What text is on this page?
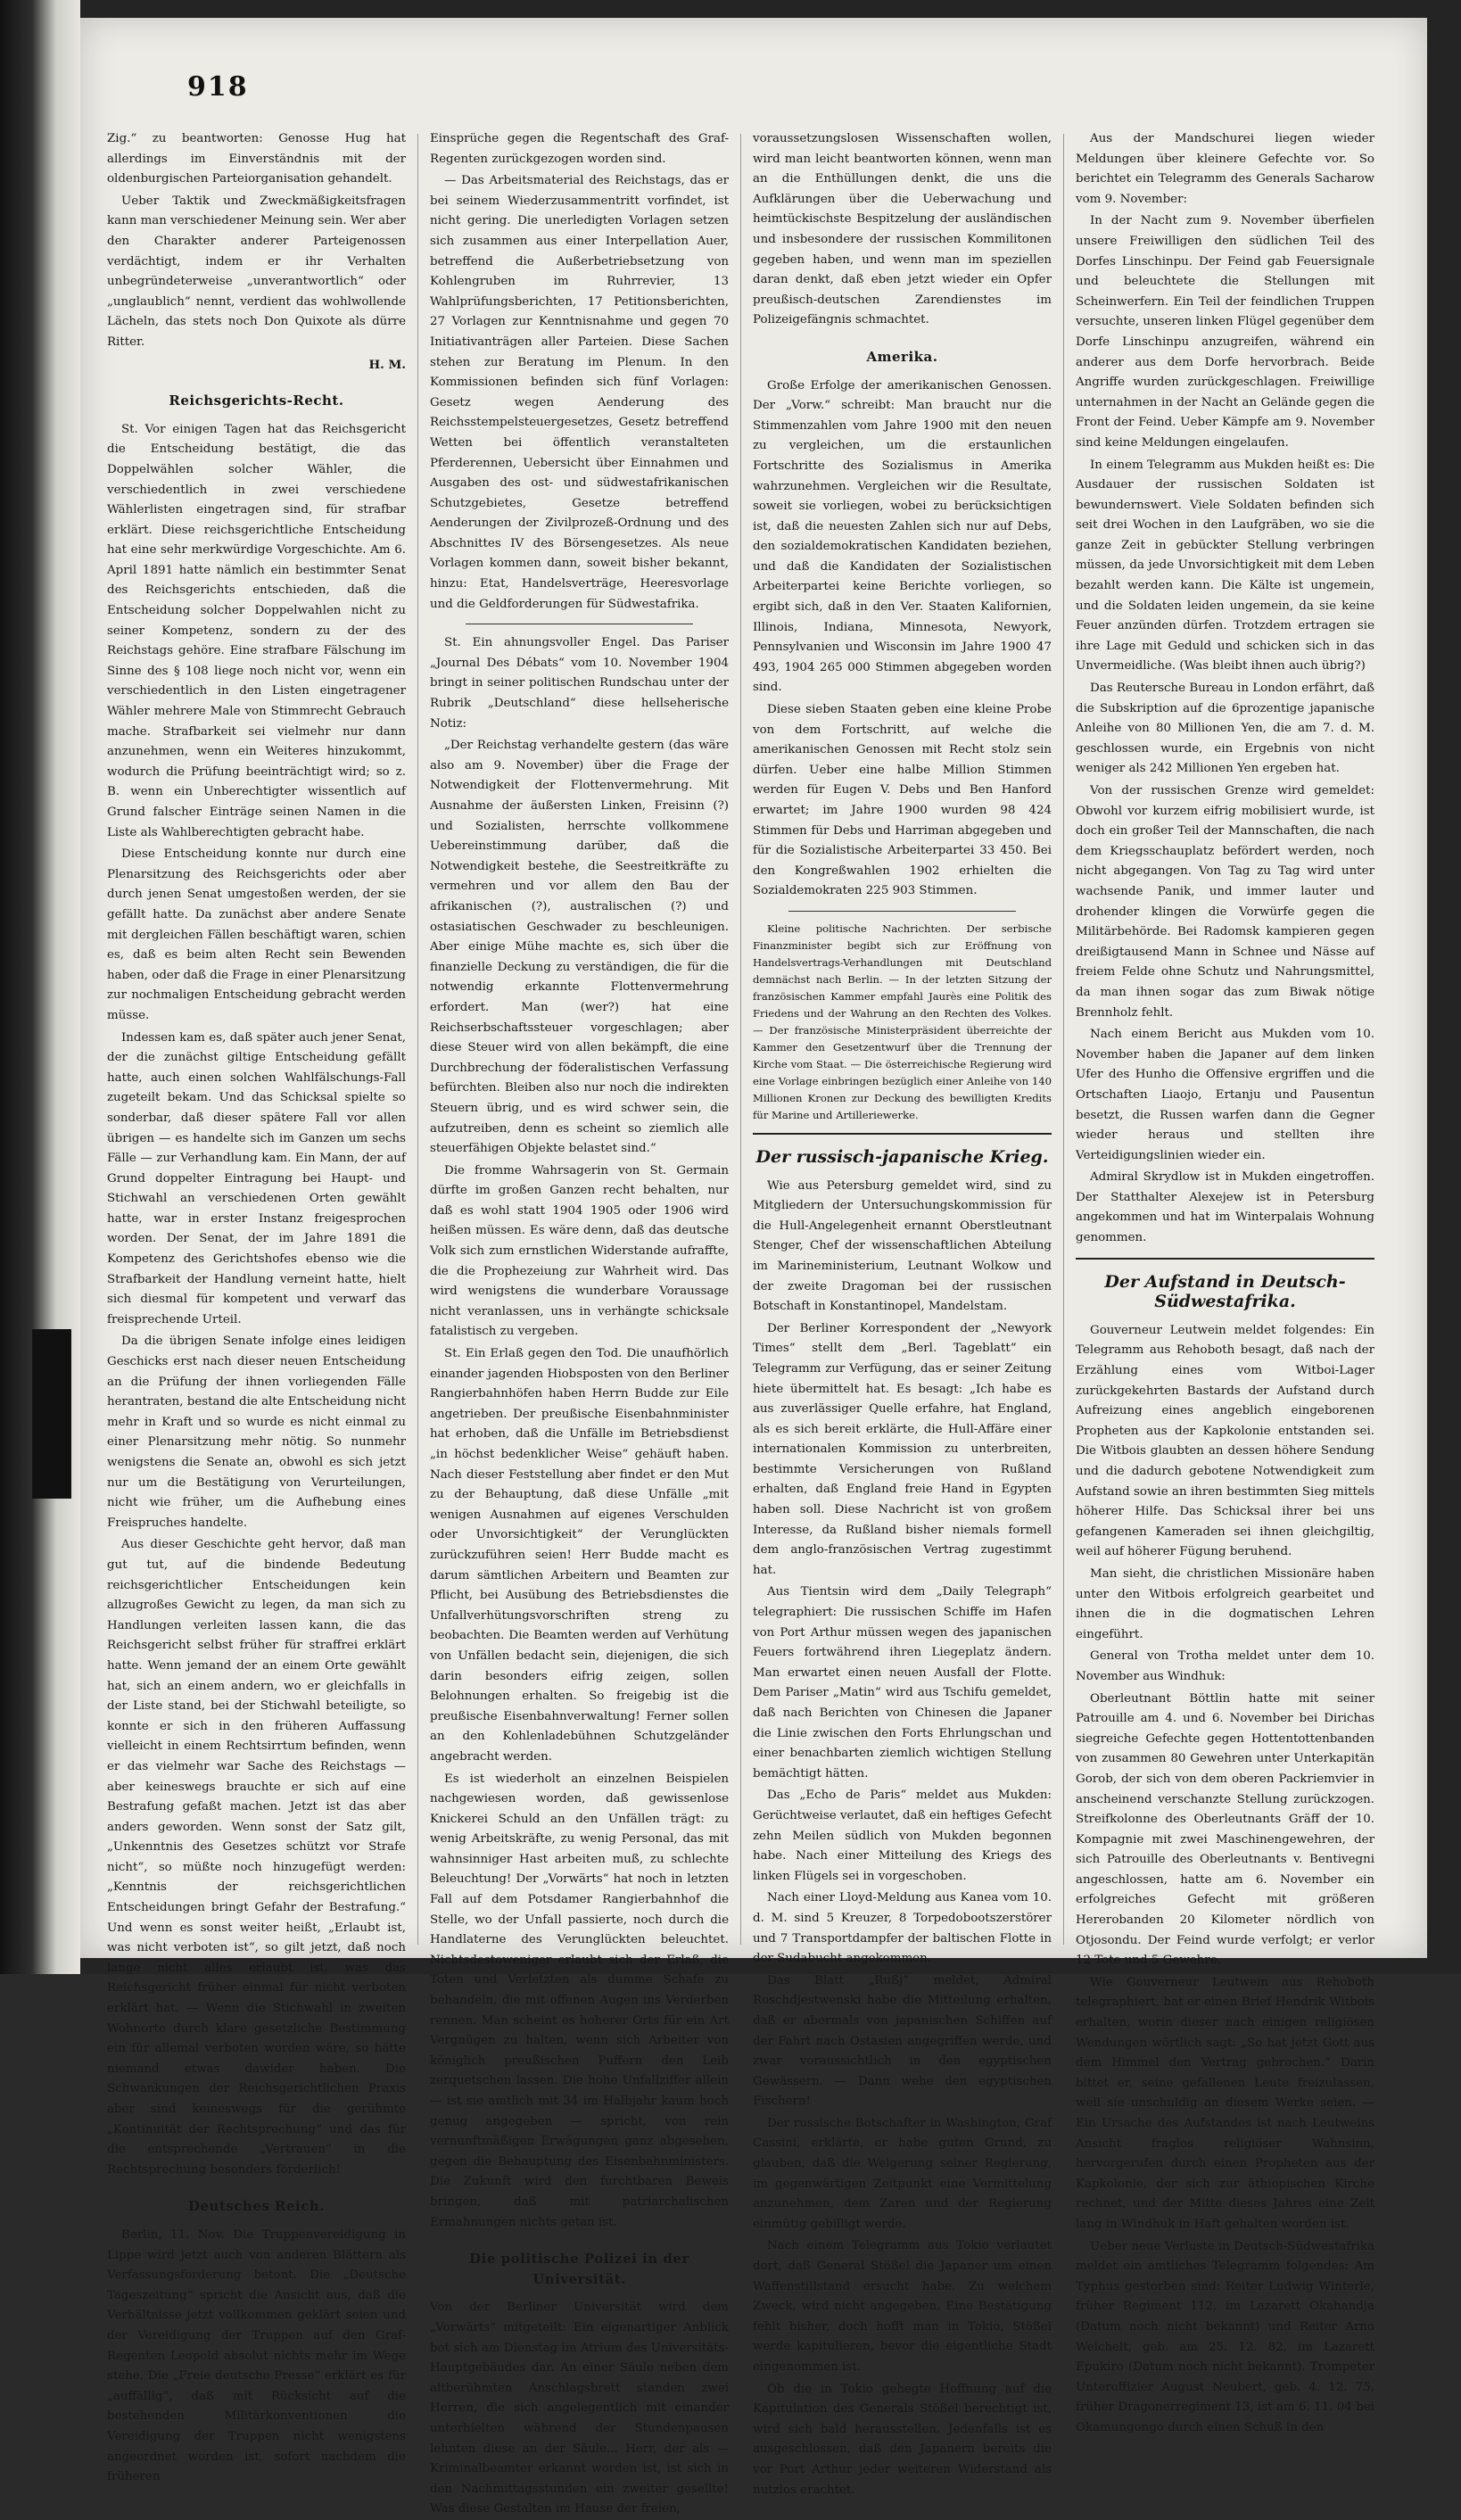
918

Zig.“ zu beantworten: Genosse Hug hat allerdings im Einverständnis mit der oldenburgischen Parteiorganisation gehandelt.

Ueber Taktik und Zweckmäßigkeitsfragen kann man verschiedener Meinung sein. Wer aber den Charakter anderer Parteigenossen verdächtigt, indem er ihr Verhalten unbegründeterweise „unverantwortlich“ oder „unglaublich“ nennt, verdient das wohlwollende Lächeln, das stets noch Don Quixote als dürre Ritter.

H. M.

Reichsgerichts-Recht.

St. Vor einigen Tagen hat das Reichsgericht die Entscheidung bestätigt, die das Doppelwählen solcher Wähler, die verschiedentlich in zwei verschiedene Wählerlisten eingetragen sind, für strafbar erklärt. Diese reichsgerichtliche Entscheidung hat eine sehr merkwürdige Vorgeschichte. Am 6. April 1891 hatte nämlich ein bestimmter Senat des Reichsgerichts entschieden, daß die Entscheidung solcher Doppelwahlen nicht zu seiner Kompetenz, sondern zu der des Reichstags gehöre. Eine strafbare Fälschung im Sinne des § 108 liege noch nicht vor, wenn ein verschiedentlich in den Listen eingetragener Wähler mehrere Male von Stimmrecht Gebrauch mache. Strafbarkeit sei vielmehr nur dann anzunehmen, wenn ein Weiteres hinzukommt, wodurch die Prüfung beeinträchtigt wird; so z. B. wenn ein Unberechtigter wissentlich auf Grund falscher Einträge seinen Namen in die Liste als Wahlberechtigten gebracht habe.

Diese Entscheidung konnte nur durch eine Plenarsitzung des Reichsgerichts oder aber durch jenen Senat umgestoßen werden, der sie gefällt hatte. Da zunächst aber andere Senate mit dergleichen Fällen beschäftigt waren, schien es, daß es beim alten Recht sein Bewenden haben, oder daß die Frage in einer Plenarsitzung zur nochmaligen Entscheidung gebracht werden müsse.

Indessen kam es, daß später auch jener Senat, der die zunächst giltige Entscheidung gefällt hatte, auch einen solchen Wahlfälschungs-Fall zugeteilt bekam. Und das Schicksal spielte so sonderbar, daß dieser spätere Fall vor allen übrigen — es handelte sich im Ganzen um sechs Fälle — zur Verhandlung kam. Ein Mann, der auf Grund doppelter Eintragung bei Haupt- und Stichwahl an verschiedenen Orten gewählt hatte, war in erster Instanz freigesprochen worden. Der Senat, der im Jahre 1891 die Kompetenz des Gerichtshofes ebenso wie die Strafbarkeit der Handlung verneint hatte, hielt sich diesmal für kompetent und verwarf das freisprechende Urteil.

Da die übrigen Senate infolge eines leidigen Geschicks erst nach dieser neuen Entscheidung an die Prüfung der ihnen vorliegenden Fälle herantraten, bestand die alte Entscheidung nicht mehr in Kraft und so wurde es nicht einmal zu einer Plenarsitzung mehr nötig. So nunmehr wenigstens die Senate an, obwohl es sich jetzt nur um die Bestätigung von Verurteilungen, nicht wie früher, um die Aufhebung eines Freispruches handelte.

Aus dieser Geschichte geht hervor, daß man gut tut, auf die bindende Bedeutung reichsgerichtlicher Entscheidungen kein allzugroßes Gewicht zu legen, da man sich zu Handlungen verleiten lassen kann, die das Reichsgericht selbst früher für straffrei erklärt hatte. Wenn jemand der an einem Orte gewählt hat, sich an einem andern, wo er gleichfalls in der Liste stand, bei der Stichwahl beteiligte, so konnte er sich in den früheren Auffassung vielleicht in einem Rechtsirrtum befinden, wenn er das vielmehr war Sache des Reichstags — aber keineswegs brauchte er sich auf eine Bestrafung gefaßt machen. Jetzt ist das aber anders geworden. Wenn sonst der Satz gilt, „Unkenntnis des Gesetzes schützt vor Strafe nicht“, so müßte noch hinzugefügt werden: „Kenntnis der reichsgerichtlichen Entscheidungen bringt Gefahr der Bestrafung.“ Und wenn es sonst weiter heißt, „Erlaubt ist, was nicht verboten ist“, so gilt jetzt, daß noch lange nicht alles erlaubt ist, was das Reichsgericht früher einmal für nicht verboten erklärt hat. — Wenn die Stichwahl in zweiten Wohnorte durch klare gesetzliche Bestimmung ein für allemal verboten worden wäre, so hätte niemand etwas dawider haben. Die Schwankungen der Reichsgerichtlichen Praxis aber sind keineswegs für die gerühmte „Kontinuität der Rechtsprechung“ und das für die entsprechende „Vertrauen“ in die Rechtsprechung besonders förderlich!

Deutsches Reich.

Berlin, 11. Nov. Die Truppenvereidigung in Lippe wird jetzt auch von anderen Blättern als Verfassungsforderung betont. Die „Deutsche Tageszeitung“ spricht die Ansicht aus, daß die Verhältnisse jetzt vollkommen geklärt seien und der Vereidigung der Truppen auf den Graf-Regenten Leopold absolut nichts mehr im Wege stehe. Die „Freie deutsche Presse“ erklärt es für „auffällig“, daß mit Rücksicht auf die bestehenden Militärkonventionen die Vereidigung der Truppen nicht wenigstens angeordnet worden ist, sofort nachdem die früheren

Einsprüche gegen die Regentschaft des Graf-Regenten zurückgezogen worden sind.

— Das Arbeitsmaterial des Reichstags, das er bei seinem Wiederzusammentritt vorfindet, ist nicht gering. Die unerledigten Vorlagen setzen sich zusammen aus einer Interpellation Auer, betreffend die Außerbetriebsetzung von Kohlengruben im Ruhrrevier, 13 Wahlprüfungsberichten, 17 Petitionsberichten, 27 Vorlagen zur Kenntnisnahme und gegen 70 Initiativanträgen aller Parteien. Diese Sachen stehen zur Beratung im Plenum. In den Kommissionen befinden sich fünf Vorlagen: Gesetz wegen Aenderung des Reichsstempelsteuergesetzes, Gesetz betreffend Wetten bei öffentlich veranstalteten Pferderennen, Uebersicht über Einnahmen und Ausgaben des ost- und südwestafrikanischen Schutzgebietes, Gesetze betreffend Aenderungen der Zivilprozeß-Ordnung und des Abschnittes IV des Börsengesetzes. Als neue Vorlagen kommen dann, soweit bisher bekannt, hinzu: Etat, Handelsverträge, Heeresvorlage und die Geldforderungen für Südwestafrika.

St. Ein ahnungsvoller Engel. Das Pariser „Journal Des Débats“ vom 10. November 1904 bringt in seiner politischen Rundschau unter der Rubrik „Deutschland“ diese hellseherische Notiz:

„Der Reichstag verhandelte gestern (das wäre also am 9. November) über die Frage der Notwendigkeit der Flottenvermehrung. Mit Ausnahme der äußersten Linken, Freisinn (?) und Sozialisten, herrschte vollkommene Uebereinstimmung darüber, daß die Notwendigkeit bestehe, die Seestreitkräfte zu vermehren und vor allem den Bau der afrikanischen (?), australischen (?) und ostasiatischen Geschwader zu beschleunigen. Aber einige Mühe machte es, sich über die finanzielle Deckung zu verständigen, die für die notwendig erkannte Flottenvermehrung erfordert. Man (wer?) hat eine Reichserbschaftssteuer vorgeschlagen; aber diese Steuer wird von allen bekämpft, die eine Durchbrechung der föderalistischen Verfassung befürchten. Bleiben also nur noch die indirekten Steuern übrig, und es wird schwer sein, die aufzutreiben, denn es scheint so ziemlich alle steuerfähigen Objekte belastet sind.“

Die fromme Wahrsagerin von St. Germain dürfte im großen Ganzen recht behalten, nur daß es wohl statt 1904 1905 oder 1906 wird heißen müssen. Es wäre denn, daß das deutsche Volk sich zum ernstlichen Widerstande aufraffte, die die Prophezeiung zur Wahrheit wird. Das wird wenigstens die wunderbare Voraussage nicht veranlassen, uns in verhängte schicksale fatalistisch zu vergeben.

St. Ein Erlaß gegen den Tod. Die unaufhörlich einander jagenden Hiobsposten von den Berliner Rangierbahnhöfen haben Herrn Budde zur Eile angetrieben. Der preußische Eisenbahnminister hat erhoben, daß die Unfälle im Betriebsdienst „in höchst bedenklicher Weise“ gehäuft haben. Nach dieser Feststellung aber findet er den Mut zu der Behauptung, daß diese Unfälle „mit wenigen Ausnahmen auf eigenes Verschulden oder Unvorsichtigkeit“ der Verunglückten zurückzuführen seien! Herr Budde macht es darum sämtlichen Arbeitern und Beamten zur Pflicht, bei Ausübung des Betriebsdienstes die Unfallverhütungsvorschriften streng zu beobachten. Die Beamten werden auf Verhütung von Unfällen bedacht sein, diejenigen, die sich darin besonders eifrig zeigen, sollen Belohnungen erhalten. So freigebig ist die preußische Eisenbahnverwaltung! Ferner sollen an den Kohlenladebühnen Schutzgeländer angebracht werden.

Es ist wiederholt an einzelnen Beispielen nachgewiesen worden, daß gewissenlose Knickerei Schuld an den Unfällen trägt: zu wenig Arbeitskräfte, zu wenig Personal, das mit wahnsinniger Hast arbeiten muß, zu schlechte Beleuchtung! Der „Vorwärts“ hat noch in letzten Fall auf dem Potsdamer Rangierbahnhof die Stelle, wo der Unfall passierte, noch durch die Handlaterne des Verunglückten beleuchtet. Nichtsdestoweniger erlaubt sich der Erlaß, die Toten und Verletzten als dumme Schafe zu behandeln, die mit offenen Augen ins Verderben rennen. Man scheint es hoherer Orts für ein Art Vergnügen zu halten, wenn sich Arbeiter von königlich preußischen Puffern den Leib zerquetschen lassen. Die hohe Unfallziffer allein — ist sie amtlich mit 34 im Halbjahr kaum hoch genug angegeben — spricht, von rein vernunftmäßigen Erwägungen ganz abgesehen, gegen die Behauptung des Eisenbahnministers. Die Zukunft wird den furchtbaren Beweis bringen, daß mit patriarchalischen Ermahnungen nichts getan ist.

Die politische Polizei in der Universität.

Von der Berliner Universität wird dem „Vorwärts“ mitgeteilt: Ein eigenartiger Anblick bot sich am Dienstag im Atrium des Universitäts-Hauptgebäudes dar. An einer Säule neben dem altberühmten Anschlagsbrett standen zwei Herren, die sich angelegentlich mit einander unterhielten während der Stundenpausen lehnten diese an der Säule... Herr, der als — Kriminalbeamter erkannt worden ist, ist sich in den Nachmittagsstunden ein zweiter gesellte! Was diese Gestalten im Hause der freien,

voraussetzungslosen Wissenschaften wollen, wird man leicht beantworten können, wenn man an die Enthüllungen denkt, die uns die Aufklärungen über die Ueberwachung und heimtückischste Bespitzelung der ausländischen und insbesondere der russischen Kommilitonen gegeben haben, und wenn man im speziellen daran denkt, daß eben jetzt wieder ein Opfer preußisch-deutschen Zarendienstes im Polizeigefängnis schmachtet.

Amerika.

Große Erfolge der amerikanischen Genossen. Der „Vorw.“ schreibt: Man braucht nur die Stimmenzahlen vom Jahre 1900 mit den neuen zu vergleichen, um die erstaunlichen Fortschritte des Sozialismus in Amerika wahrzunehmen. Vergleichen wir die Resultate, soweit sie vorliegen, wobei zu berücksichtigen ist, daß die neuesten Zahlen sich nur auf Debs, den sozialdemokratischen Kandidaten beziehen, und daß die Kandidaten der Sozialistischen Arbeiterpartei keine Berichte vorliegen, so ergibt sich, daß in den Ver. Staaten Kalifornien, Illinois, Indiana, Minnesota, Newyork, Pennsylvanien und Wisconsin im Jahre 1900 47 493, 1904 265 000 Stimmen abgegeben worden sind.

Diese sieben Staaten geben eine kleine Probe von dem Fortschritt, auf welche die amerikanischen Genossen mit Recht stolz sein dürfen. Ueber eine halbe Million Stimmen werden für Eugen V. Debs und Ben Hanford erwartet; im Jahre 1900 wurden 98 424 Stimmen für Debs und Harriman abgegeben und für die Sozialistische Arbeiterpartei 33 450. Bei den Kongreßwahlen 1902 erhielten die Sozialdemokraten 225 903 Stimmen.

Kleine politische Nachrichten. Der serbische Finanzminister begibt sich zur Eröffnung von Handelsvertrags-Verhandlungen mit Deutschland demnächst nach Berlin. — In der letzten Sitzung der französischen Kammer empfahl Jaurès eine Politik des Friedens und der Wahrung an den Rechten des Volkes. — Der französische Ministerpräsident überreichte der Kammer den Gesetzentwurf über die Trennung der Kirche vom Staat. — Die österreichische Regierung wird eine Vorlage einbringen bezüglich einer Anleihe von 140 Millionen Kronen zur Deckung des bewilligten Kredits für Marine und Artilleriewerke.

Der russisch-japanische Krieg.

Wie aus Petersburg gemeldet wird, sind zu Mitgliedern der Untersuchungskommission für die Hull-Angelegenheit ernannt Oberstleutnant Stenger, Chef der wissenschaftlichen Abteilung im Marineministerium, Leutnant Wolkow und der zweite Dragoman bei der russischen Botschaft in Konstantinopel, Mandelstam.

Der Berliner Korrespondent der „Newyork Times“ stellt dem „Berl. Tageblatt“ ein Telegramm zur Verfügung, das er seiner Zeitung hiete übermittelt hat. Es besagt: „Ich habe es aus zuverlässiger Quelle erfahre, hat England, als es sich bereit erklärte, die Hull-Affäre einer internationalen Kommission zu unterbreiten, bestimmte Versicherungen von Rußland erhalten, daß England freie Hand in Egypten haben soll. Diese Nachricht ist von großem Interesse, da Rußland bisher niemals formell dem anglo-französischen Vertrag zugestimmt hat.

Aus Tientsin wird dem „Daily Telegraph“ telegraphiert: Die russischen Schiffe im Hafen von Port Arthur müssen wegen des japanischen Feuers fortwährend ihren Liegeplatz ändern. Man erwartet einen neuen Ausfall der Flotte. Dem Pariser „Matin“ wird aus Tschifu gemeldet, daß nach Berichten von Chinesen die Japaner die Linie zwischen den Forts Ehrlungschan und einer benachbarten ziemlich wichtigen Stellung bemächtigt hätten.

Das „Echo de Paris“ meldet aus Mukden: Gerüchtweise verlautet, daß ein heftiges Gefecht zehn Meilen südlich von Mukden begonnen habe. Nach einer Mitteilung des Kriegs des linken Flügels sei in vorgeschoben.

Nach einer Lloyd-Meldung aus Kanea vom 10. d. M. sind 5 Kreuzer, 8 Torpedobootszerstörer und 7 Transportdampfer der baltischen Flotte in der Sudabucht angekommen.

Das Blatt „Rußj“ meldet, Admiral Roschdjestwenski habe die Mitteilung erhalten, daß er abermals von japanischen Schiffen auf der Fahrt nach Ostasien angegriffen werde, und zwar voraussichtlich in den egyptischen Gewässern. — Dann wehe den egyptischen Fischern!

Der russische Botschafter in Washington, Graf Cassini, erklärte, er habe guten Grund, zu glauben, daß die Weigerung seiner Regierung, im gegenwärtigen Zeitpunkt eine Vermittelung anzunehmen, dem Zaren und der Regierung einmütig gebilligt werde.

Nach einem Telegramm aus Tokio verlautet dort, daß General Stößel die Japaner um einen Waffenstillstand ersucht habe. Zu welchem Zweck, wird nicht angegeben. Eine Bestätigung fehlt bisher, doch hofft man in Tokio, Stößel werde kapitulieren, bevor die eigentliche Stadt eingenommen ist.

Ob die in Tokio gehegte Hoffnung auf die Kapitulation des Generals Stößel berechtigt ist, wird sich bald herausstellen. Jedenfalls ist es ausgeschlossen, daß den Japanern bereits die vor Port Arthur jeder weiteren Widerstand als nutzlos erachtet.

Aus der Mandschurei liegen wieder Meldungen über kleinere Gefechte vor. So berichtet ein Telegramm des Generals Sacharow vom 9. November:

In der Nacht zum 9. November überfielen unsere Freiwilligen den südlichen Teil des Dorfes Linschinpu. Der Feind gab Feuersignale und beleuchtete die Stellungen mit Scheinwerfern. Ein Teil der feindlichen Truppen versuchte, unseren linken Flügel gegenüber dem Dorfe Linschinpu anzugreifen, während ein anderer aus dem Dorfe hervorbrach. Beide Angriffe wurden zurückgeschlagen. Freiwillige unternahmen in der Nacht an Gelände gegen die Front der Feind. Ueber Kämpfe am 9. November sind keine Meldungen eingelaufen.

In einem Telegramm aus Mukden heißt es: Die Ausdauer der russischen Soldaten ist bewundernswert. Viele Soldaten befinden sich seit drei Wochen in den Laufgräben, wo sie die ganze Zeit in gebückter Stellung verbringen müssen, da jede Unvorsichtigkeit mit dem Leben bezahlt werden kann. Die Kälte ist ungemein, und die Soldaten leiden ungemein, da sie keine Feuer anzünden dürfen. Trotzdem ertragen sie ihre Lage mit Geduld und schicken sich in das Unvermeidliche. (Was bleibt ihnen auch übrig?)

Das Reutersche Bureau in London erfährt, daß die Subskription auf die 6prozentige japanische Anleihe von 80 Millionen Yen, die am 7. d. M. geschlossen wurde, ein Ergebnis von nicht weniger als 242 Millionen Yen ergeben hat.

Von der russischen Grenze wird gemeldet: Obwohl vor kurzem eifrig mobilisiert wurde, ist doch ein großer Teil der Mannschaften, die nach dem Kriegsschauplatz befördert werden, noch nicht abgegangen. Von Tag zu Tag wird unter wachsende Panik, und immer lauter und drohender klingen die Vorwürfe gegen die Militärbehörde. Bei Radomsk kampieren gegen dreißigtausend Mann in Schnee und Nässe auf freiem Felde ohne Schutz und Nahrungsmittel, da man ihnen sogar das zum Biwak nötige Brennholz fehlt.

Nach einem Bericht aus Mukden vom 10. November haben die Japaner auf dem linken Ufer des Hunho die Offensive ergriffen und die Ortschaften Liaojo, Ertanju und Pausentun besetzt, die Russen warfen dann die Gegner wieder heraus und stellten ihre Verteidigungslinien wieder ein.

Admiral Skrydlow ist in Mukden eingetroffen. Der Statthalter Alexejew ist in Petersburg angekommen und hat im Winterpalais Wohnung genommen.

Der Aufstand in Deutsch-Südwestafrika.

Gouverneur Leutwein meldet folgendes: Ein Telegramm aus Rehoboth besagt, daß nach der Erzählung eines vom Witboi-Lager zurückgekehrten Bastards der Aufstand durch Aufreizung eines angeblich eingeborenen Propheten aus der Kapkolonie entstanden sei. Die Witbois glaubten an dessen höhere Sendung und die dadurch gebotene Notwendigkeit zum Aufstand sowie an ihren bestimmten Sieg mittels höherer Hilfe. Das Schicksal ihrer bei uns gefangenen Kameraden sei ihnen gleichgiltig, weil auf höherer Fügung beruhend.

Man sieht, die christlichen Missionäre haben unter den Witbois erfolgreich gearbeitet und ihnen die in die dogmatischen Lehren eingeführt.

General von Trotha meldet unter dem 10. November aus Windhuk:

Oberleutnant Böttlin hatte mit seiner Patrouille am 4. und 6. November bei Dirichas siegreiche Gefechte gegen Hottentottenbanden von zusammen 80 Gewehren unter Unterkapitän Gorob, der sich von dem oberen Packriemvier in anscheinend verschanzte Stellung zurückzogen. Streifkolonne des Oberleutnants Gräff der 10. Kompagnie mit zwei Maschinengewehren, der sich Patrouille des Oberleutnants v. Bentivegni angeschlossen, hatte am 6. November ein erfolgreiches Gefecht mit größeren Hererobanden 20 Kilometer nördlich von Otjosondu. Der Feind wurde verfolgt; er verlor 12 Tote und 5 Gewehre.

Wie Gouverneur Leutwein aus Rehoboth telegraphiert, hat er einen Brief Hendrik Witbois erhalten, worin dieser nach einigen religiösen Wendungen wörtlich sagt: „So hat jetzt Gott aus dem Himmel den Vertrag gebrochen.“ Darin bittet er, seine gefallenen Leute freizulassen, weil sie unschuldig an diesem Werke seien. — Ein Ursache des Aufstandes ist nach Leutweins Ansicht fraglos religiöser Wahnsinn, hervorgerufen durch einen Propheten aus der Kapkolonie, der sich zur äthiopischen Kirche rechnet, und der Mitte dieses Jahres eine Zeit lang in Windhuk in Haft gehalten worden ist.

Ueber neue Verluste in Deutsch-Südwestafrika meldet ein amtliches Telegramm folgendes: Am Typhus gestorben sind: Reiter Ludwig Winterle, früher Regiment 112, im Lazarett Okahandja (Datum noch nicht bekannt) und Reiter Arno Weichelt, geb. am 25. 12. 82, im Lazarett Epukiro (Datum noch nicht bekannt). Trompeter Unteroffizier August Neubert, geb. 4. 12. 75, früher Dragonerregiment 13, ist am 6. 11. 04 bei Okamungongo durch einen Schuß in den
